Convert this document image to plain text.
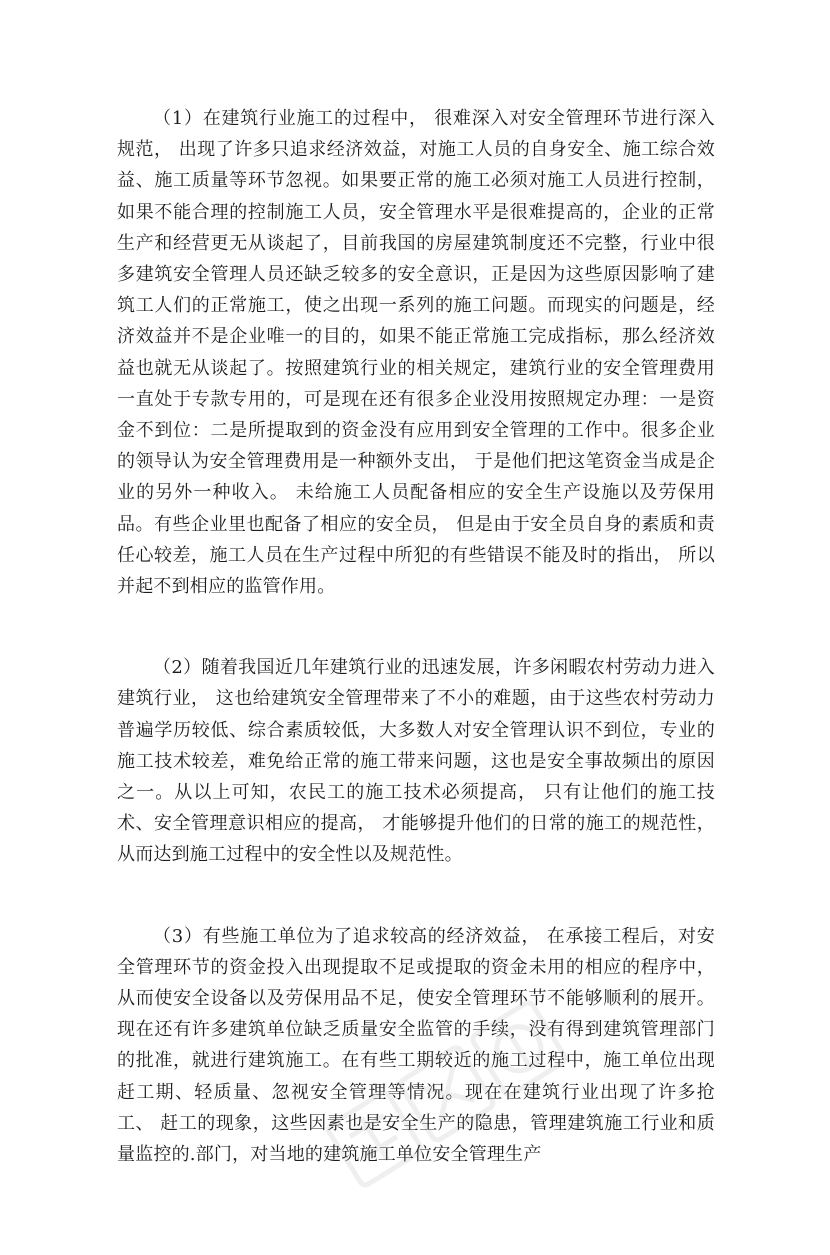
（1）在建筑行业施工的过程中， 很难深入对安全管理环节进行深入规范， 出现了许多只追求经济效益，对施工人员的自身安全、施工综合效益、施工质量等环节忽视。如果要正常的施工必须对施工人员进行控制， 如果不能合理的控制施工人员，安全管理水平是很难提高的，企业的正常生产和经营更无从谈起了，目前我国的房屋建筑制度还不完整，行业中很多建筑安全管理人员还缺乏较多的安全意识，正是因为这些原因影响了建筑工人们的正常施工，使之出现一系列的施工问题。而现实的问题是，经济效益并不是企业唯一的目的，如果不能正常施工完成指标，那么经济效益也就无从谈起了。按照建筑行业的相关规定，建筑行业的安全管理费用一直处于专款专用的，可是现在还有很多企业没用按照规定办理：一是资金不到位：二是所提取到的资金没有应用到安全管理的工作中。很多企业的领导认为安全管理费用是一种额外支出， 于是他们把这笔资金当成是企业的另外一种收入。 未给施工人员配备相应的安全生产设施以及劳保用品。有些企业里也配备了相应的安全员， 但是由于安全员自身的素质和责任心较差，施工人员在生产过程中所犯的有些错误不能及时的指出， 所以并起不到相应的监管作用。

（2）随着我国近几年建筑行业的迅速发展，许多闲暇农村劳动力进入建筑行业， 这也给建筑安全管理带来了不小的难题，由于这些农村劳动力普遍学历较低、综合素质较低，大多数人对安全管理认识不到位，专业的施工技术较差，难免给正常的施工带来问题，这也是安全事故频出的原因之一。从以上可知，农民工的施工技术必须提高， 只有让他们的施工技术、安全管理意识相应的提高， 才能够提升他们的日常的施工的规范性，从而达到施工过程中的安全性以及规范性。

（3）有些施工单位为了追求较高的经济效益， 在承接工程后，对安全管理环节的资金投入出现提取不足或提取的资金未用的相应的程序中，从而使安全设备以及劳保用品不足，使安全管理环节不能够顺利的展开。现在还有许多建筑单位缺乏质量安全监管的手续，没有得到建筑管理部门的批准，就进行建筑施工。在有些工期较近的施工过程中，施工单位出现赶工期、轻质量、忽视安全管理等情况。现在在建筑行业出现了许多抢工、 赶工的现象，这些因素也是安全生产的隐患，管理建筑施工行业和质量监控的.部门，对当地的建筑施工单位安全管理生产
